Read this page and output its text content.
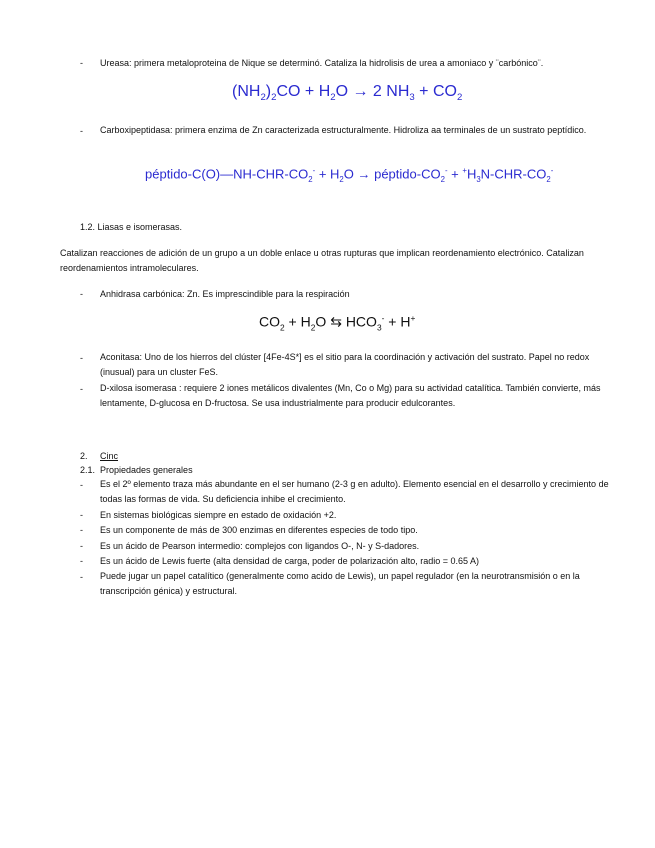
- Ureasa: primera metaloproteina de Nique se determinó. Cataliza la hidrolisis de urea a amoniaco y ¨carbónico¨.
$(NH_2)_2CO + H_2O \to 2$ $NH_3 + CO_2$
- Carboxipeptidasa: primera enzima de Zn caracterizada estructuralmente. Hidroliza aa terminales de un sustrato peptídico.
péptido-$C(O)—NH-CHR-CO_2^- + H_2O$ → péptido-$CO_2^- + ^+H_3N-CHR-CO_2^-$
1.2. Liasas e isomerasas.
Catalizan reacciones de adición de un grupo a un doble enlace u otras rupturas que implican reordenamiento electrónico. Catalizan reordenamientos intramoleculares.
- Anhidrasa carbónica: Zn. Es imprescindible para la respiración
$CO_2 + H_2O$ ⇆ $HCO_3^- + H^+$
- Aconitasa: Uno de los hierros del clúster [4Fe-4S*] es el sitio para la coordinación y activación del sustrato. Papel no redox (inusual) para un cluster FeS.
- D-xilosa isomerasa : requiere 2 iones metálicos divalentes (Mn, Co o Mg) para su actividad catalítica. También convierte, más lentamente, D-glucosa en D-fructosa. Se usa industrialmente para producir edulcorantes.
2. Cinc
2.1. Propiedades generales
- Es el 2º elemento traza más abundante en el ser humano (2-3 g en adulto). Elemento esencial en el desarrollo y crecimiento de todas las formas de vida. Su deficiencia inhibe el crecimiento.
- En sistemas biológicas siempre en estado de oxidación +2.
- Es un componente de más de 300 enzimas en diferentes especies de todo tipo.
- Es un ácido de Pearson intermedio: complejos con ligandos O-, N- y S-dadores.
- Es un ácido de Lewis fuerte (alta densidad de carga, poder de polarización alto, radio = 0.65 A)
- Puede jugar un papel catalítico (generalmente como acido de Lewis), un papel regulador (en la neurotransmisión o en la transcripción génica) y estructural.
